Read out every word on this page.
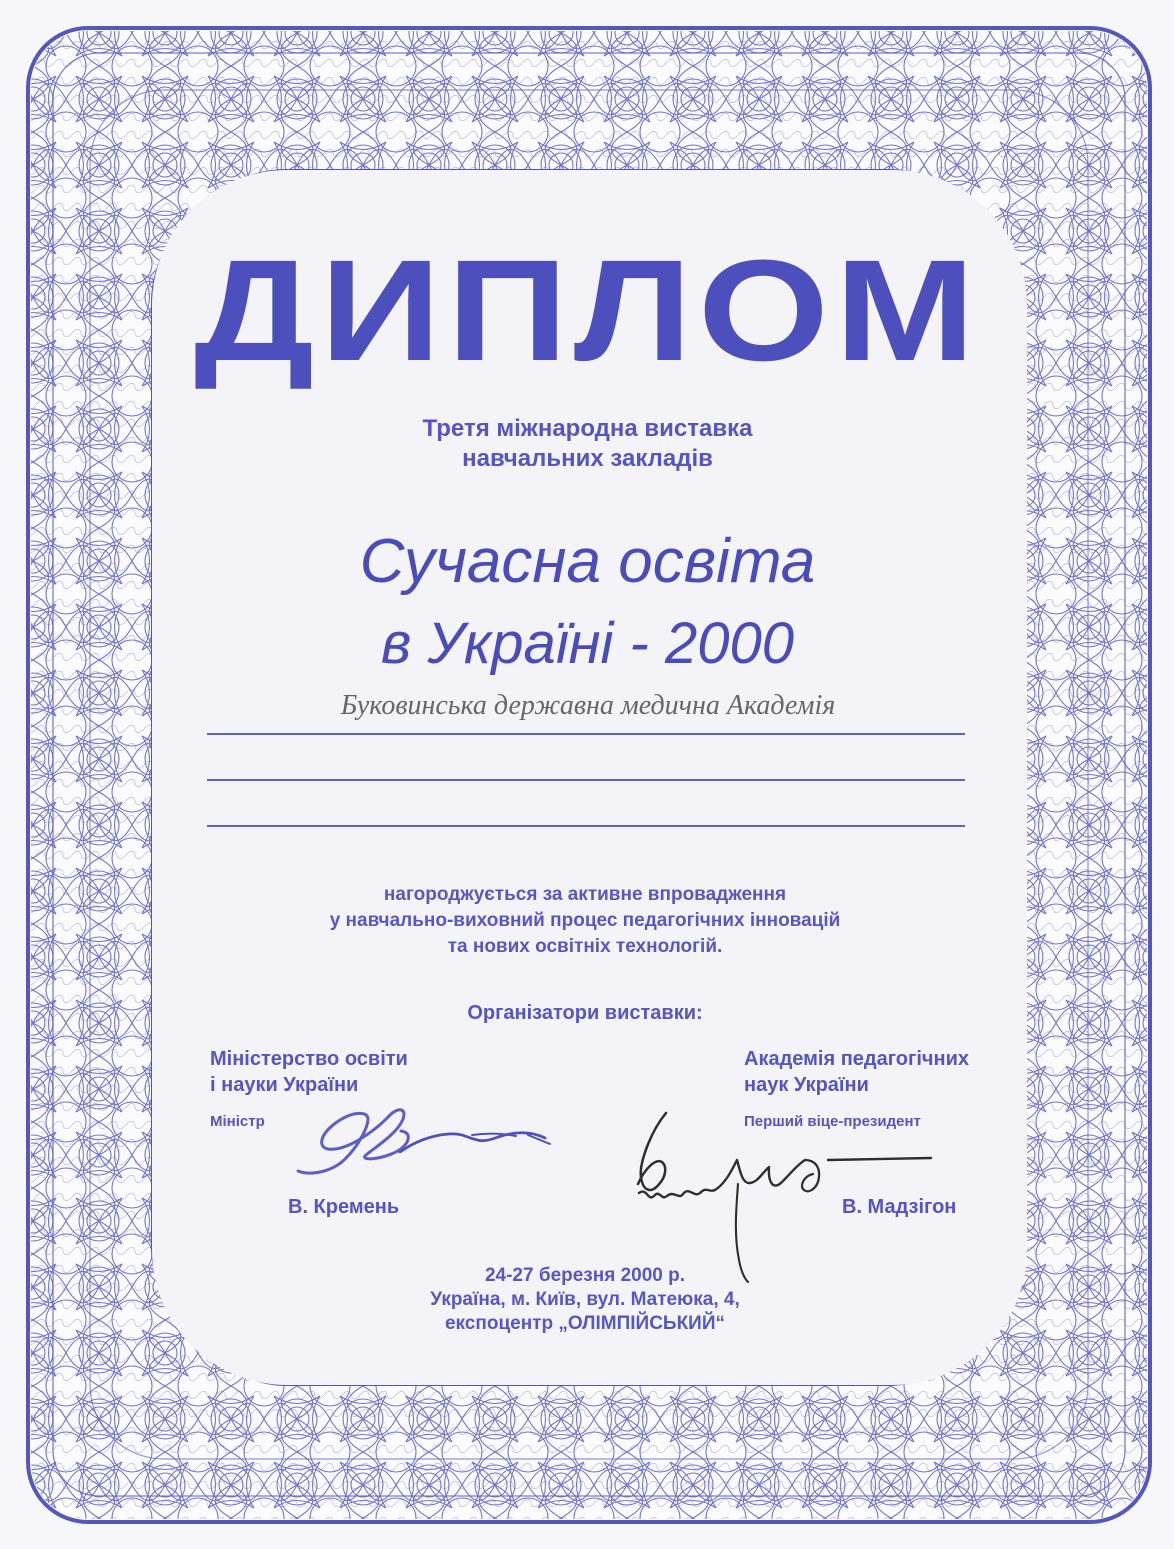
ДИПЛОМ
Третя міжнародна виставка
навчальних закладів
Сучасна освіта
в Україні - 2000
Буковинська державна медична Академія
нагороджується за активне впровадження
у навчально-виховний процес педагогічних інновацій
та нових освітніх технологій.
Організатори виставки:
Міністерство освіти
і науки України
Академія педагогічних
наук України
Міністр	Перший віце-президент
В. Кремень	В. Мадзігон
24-27 березня 2000 р.
Україна, м. Київ, вул. Матеюка, 4,
експоцентр „ОЛІМПІЙСЬКИЙ“
